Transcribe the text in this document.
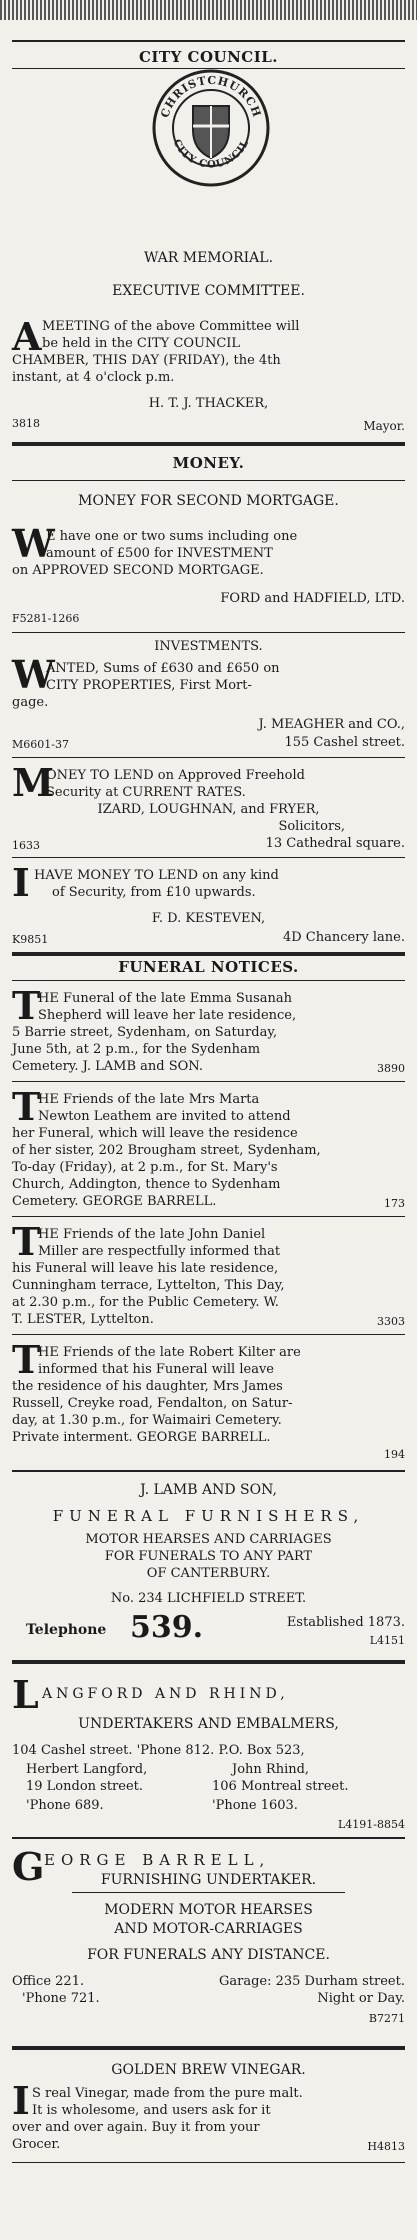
CITY COUNCIL.
CHRISTCHURCH
CITY COUNCIL
WAR MEMORIAL.
EXECUTIVE COMMITTEE.
A MEETING of the above Committee will
be held in the CITY COUNCIL
CHAMBER, THIS DAY (FRIDAY), the 4th
instant, at 4 o'clock p.m.
H. T. J. THACKER,
3818	Mayor.
MONEY.
MONEY FOR SECOND MORTGAGE.
W
E have one or two sums including one
amount of £500 for INVESTMENT
on APPROVED SECOND MORTGAGE.
FORD and HADFIELD, LTD.
F5281-1266
INVESTMENTS.
W
ANTED, Sums of £630 and £650 on
CITY PROPERTIES, First Mort-
gage.
J. MEAGHER and CO.,
M6601-37	155 Cashel street.
M
ONEY TO LEND on Approved Freehold
Security at CURRENT RATES.
IZARD, LOUGHNAN, and FRYER,
Solicitors,
1633	13 Cathedral square.
I HAVE MONEY TO LEND on any kind
of Security, from £10 upwards.
F. D. KESTEVEN,
K9851	4D Chancery lane.
FUNERAL NOTICES.
T
HE Funeral of the late Emma Susanah
Shepherd will leave her late residence,
5 Barrie street, Sydenham, on Saturday,
June 5th, at 2 p.m., for the Sydenham
Cemetery. J. LAMB and SON.	3890
T
HE Friends of the late Mrs Marta
Newton Leathem are invited to attend
her Funeral, which will leave the residence
of her sister, 202 Brougham street, Sydenham,
To-day (Friday), at 2 p.m., for St. Mary's
Church, Addington, thence to Sydenham
Cemetery. GEORGE BARRELL.	173
T
HE Friends of the late John Daniel
Miller are respectfully informed that
his Funeral will leave his late residence,
Cunningham terrace, Lyttelton, This Day,
at 2.30 p.m., for the Public Cemetery. W.
T. LESTER, Lyttelton.	3303
T
HE Friends of the late Robert Kilter are
informed that his Funeral will leave
the residence of his daughter, Mrs James
Russell, Creyke road, Fendalton, on Satur-
day, at 1.30 p.m., for Waimairi Cemetery.
Private interment. GEORGE BARRELL.
194
J. LAMB AND SON,
FUNERAL FURNISHERS,
MOTOR HEARSES AND CARRIAGES
FOR FUNERALS TO ANY PART
OF CANTERBURY.
No. 234 LICHFIELD STREET.
Telephone 539.	Established 1873.
L4151
L ANGFORD AND RHIND,
UNDERTAKERS AND EMBALMERS,
104 Cashel street. 'Phone 812. P.O. Box 523,
Herbert Langford,
19 London street.
'Phone 689.
John Rhind,
106 Montreal street.
'Phone 1603.
L4191-8854
G EORGE BARRELL,
FURNISHING UNDERTAKER.
MODERN MOTOR HEARSES
AND MOTOR-CARRIAGES
FOR FUNERALS ANY DISTANCE.
Office 221.	Garage: 235 Durham street.
'Phone 721.	Night or Day.
B7271
GOLDEN BREW VINEGAR.
I S real Vinegar, made from the pure malt.
It is wholesome, and users ask for it
over and over again. Buy it from your
Grocer.	H4813
